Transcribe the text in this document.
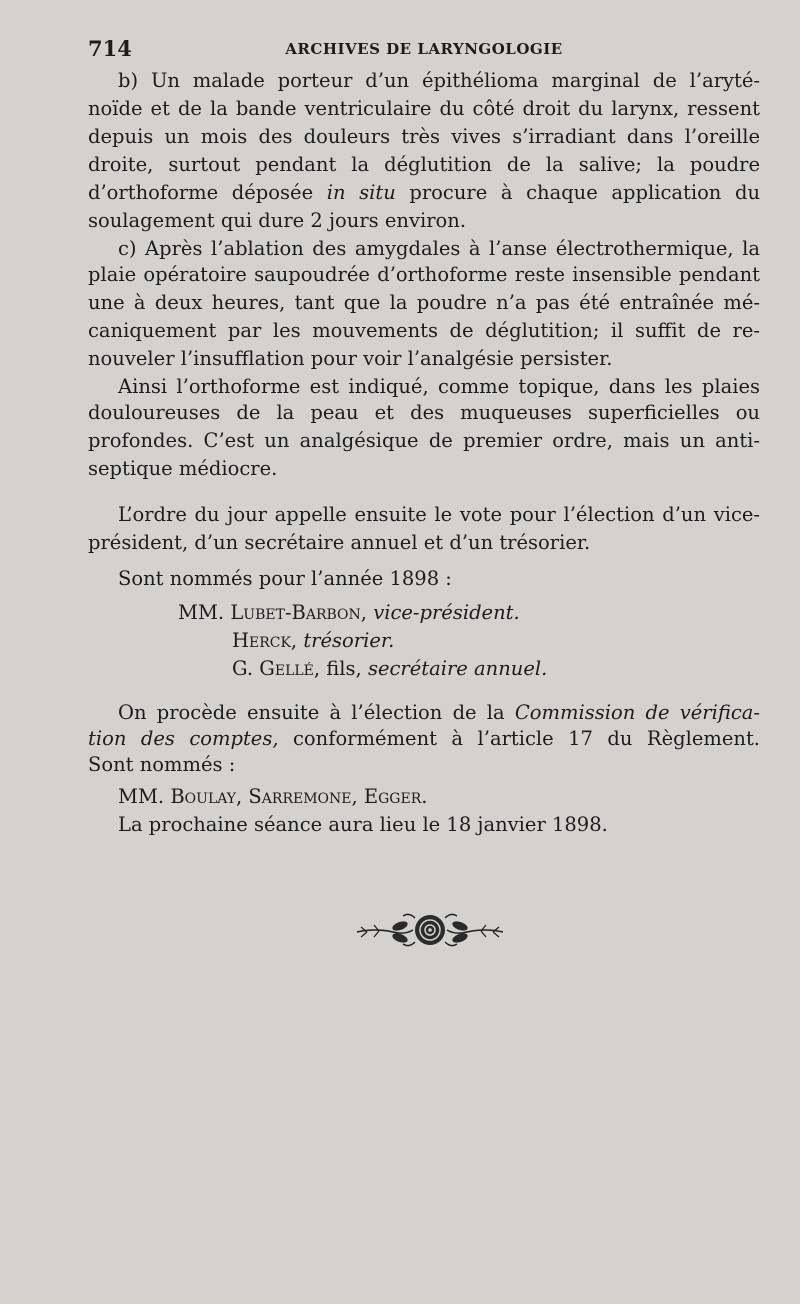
714	ARCHIVES DE LARYNGOLOGIE
b) Un malade porteur d’un épithélioma marginal de l’aryté-
noïde et de la bande ventriculaire du côté droit du larynx, ressent
depuis un mois des douleurs très vives s’irradiant dans l’oreille
droite, surtout pendant la déglutition de la salive; la poudre
d’orthoforme déposée in situ procure à chaque application du
soulagement qui dure 2 jours environ.
c) Après l’ablation des amygdales à l’anse électrothermique, la
plaie opératoire saupoudrée d’orthoforme reste insensible pendant
une à deux heures, tant que la poudre n’a pas été entraînée mé-
caniquement par les mouvements de déglutition; il suffit de re-
nouveler l’insufflation pour voir l’analgésie persister.
Ainsi l’orthoforme est indiqué, comme topique, dans les plaies
douloureuses de la peau et des muqueuses superficielles ou
profondes. C’est un analgésique de premier ordre, mais un anti-
septique médiocre.
L’ordre du jour appelle ensuite le vote pour l’élection d’un vice-
président, d’un secrétaire annuel et d’un trésorier.
Sont nommés pour l’année 1898 :
MM. Lubet-Barbon, vice-président.
Herck, trésorier.
G. Gellé, fils, secrétaire annuel.
On procède ensuite à l’élection de la Commission de vérifica-
tion des comptes, conformément à l’article 17 du Règlement.
Sont nommés :
MM. Boulay, Sarremone, Egger.
La prochaine séance aura lieu le 18 janvier 1898.
